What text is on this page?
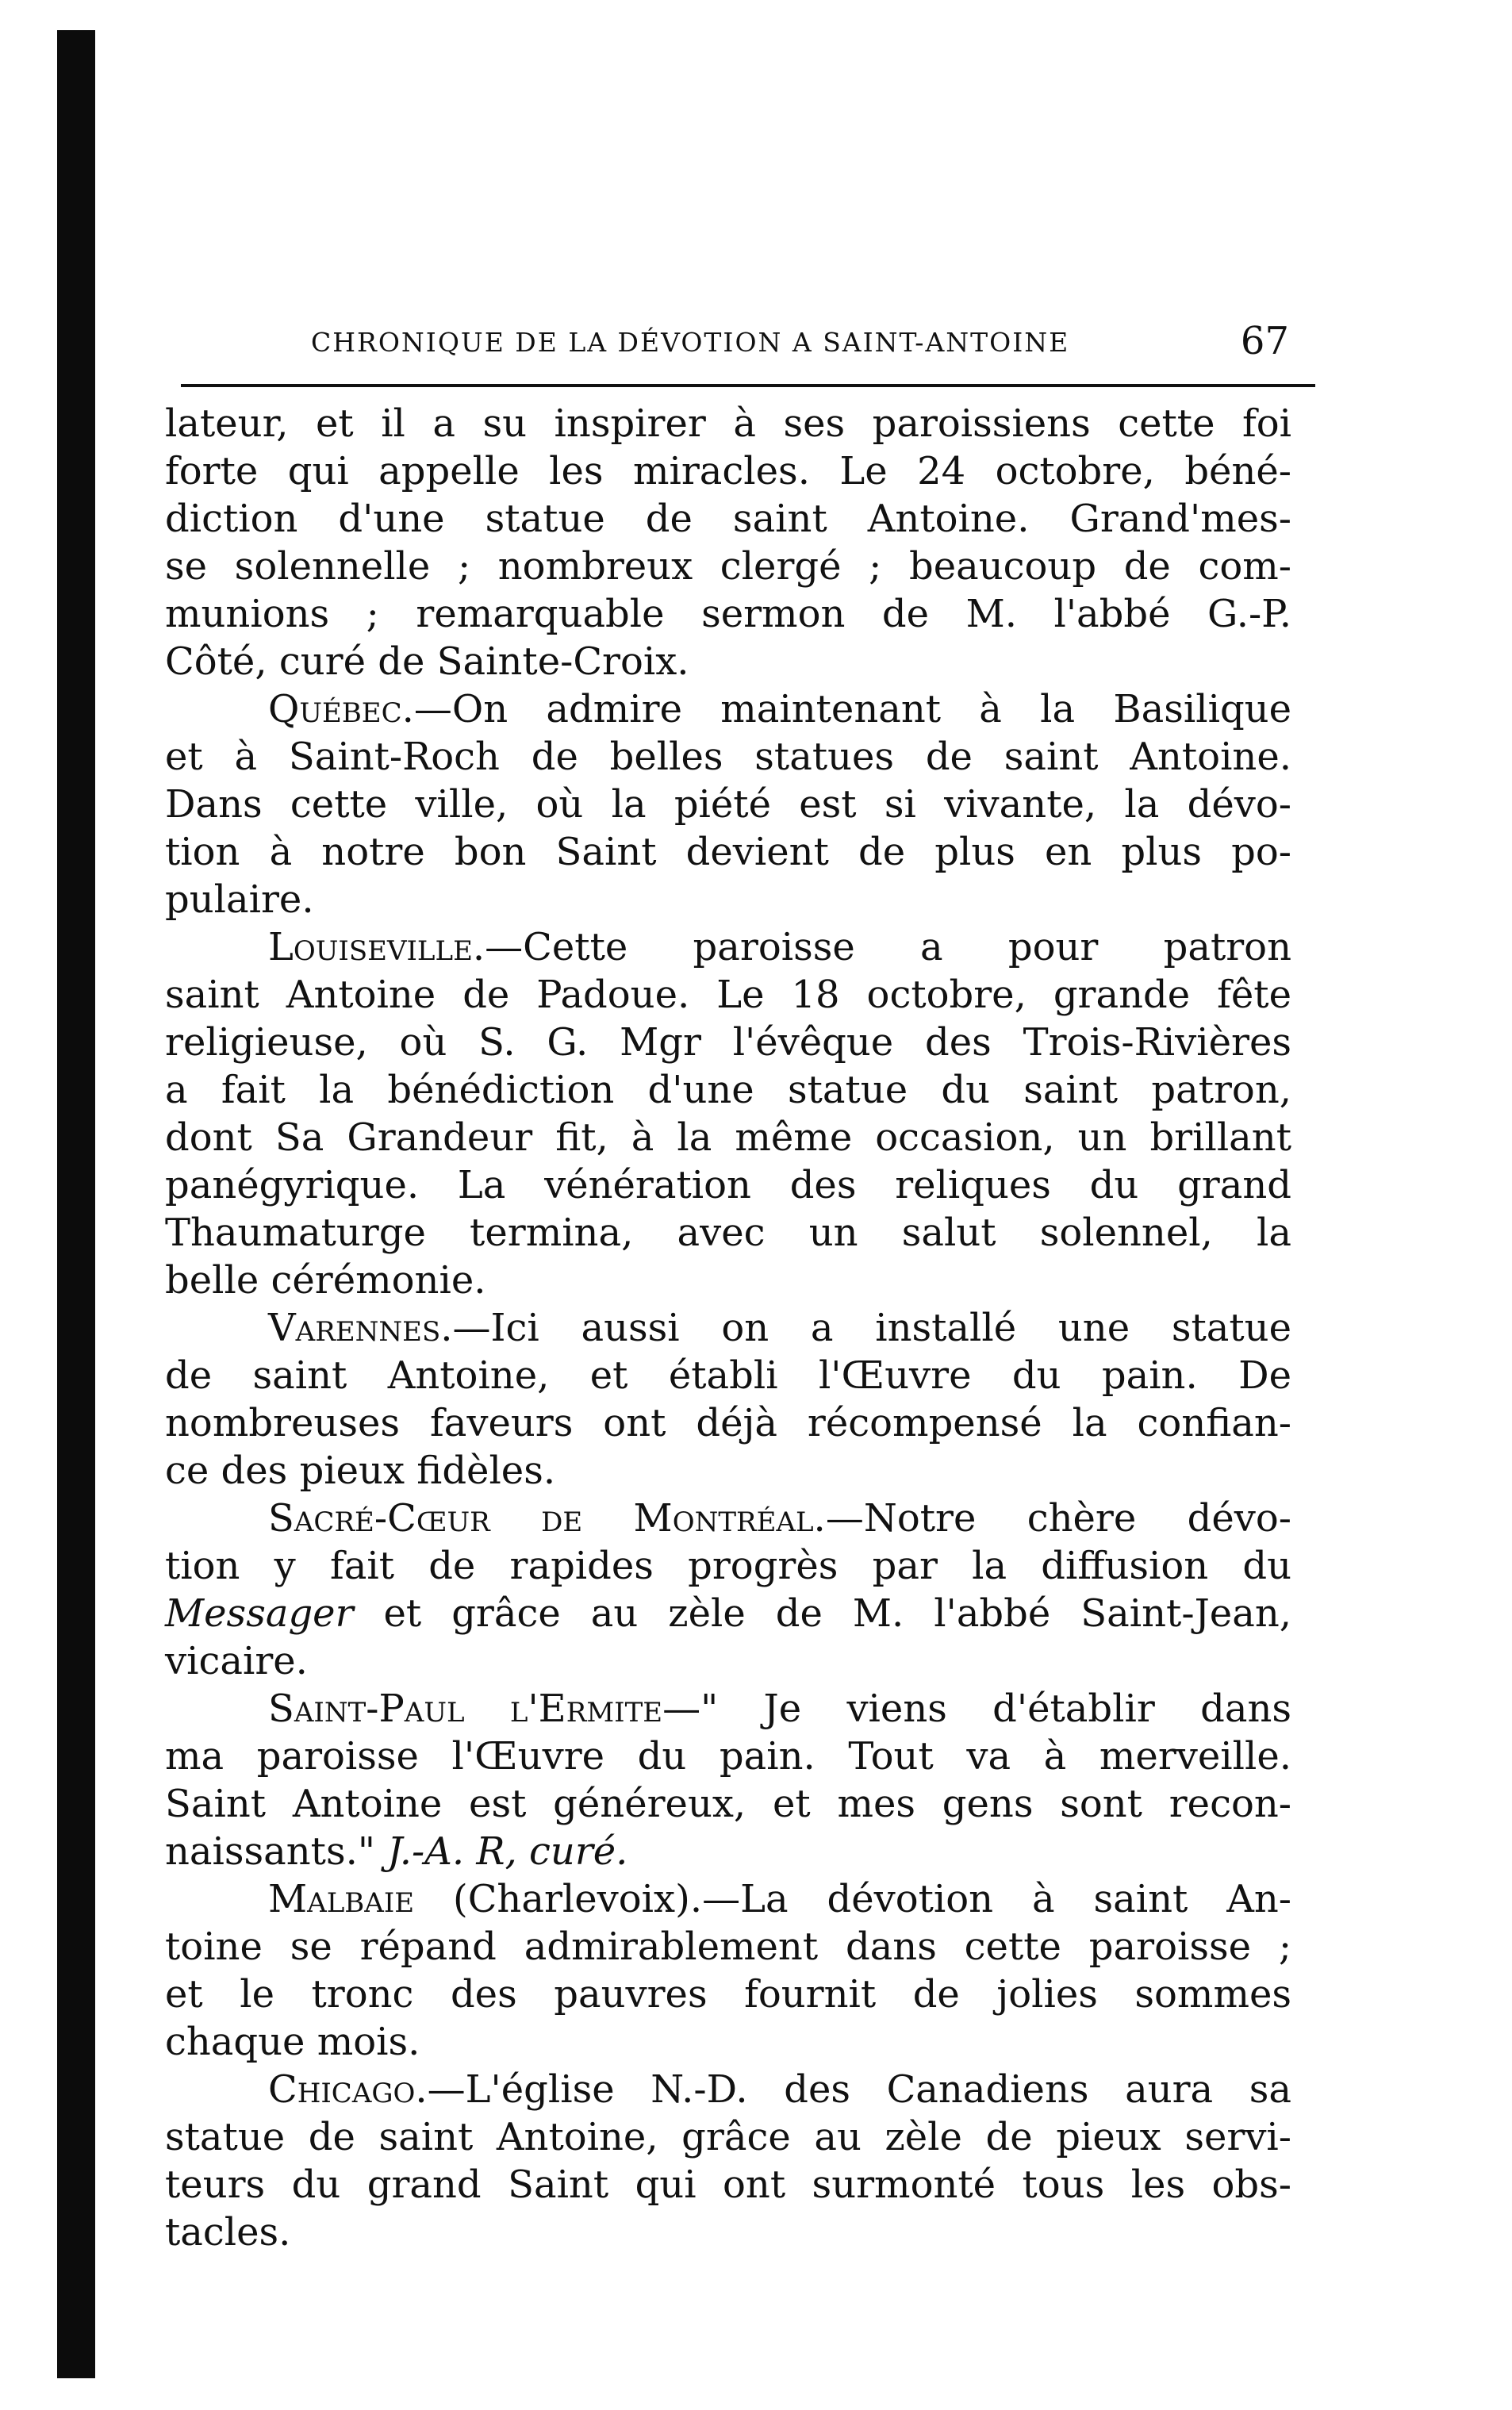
CHRONIQUE DE LA DÉVOTION A SAINT-ANTOINE	67
lateur, et il a su inspirer à ses paroissiens cette foi
forte qui appelle les miracles. Le 24 octobre, béné-
diction d'une statue de saint Antoine. Grand'mes-
se solennelle ; nombreux clergé ; beaucoup de com-
munions ; remarquable sermon de M. l'abbé G.-P.
Côté, curé de Sainte-Croix.
Québec.—On admire maintenant à la Basilique
et à Saint-Roch de belles statues de saint Antoine.
Dans cette ville, où la piété est si vivante, la dévo-
tion à notre bon Saint devient de plus en plus po-
pulaire.
Louiseville.—Cette paroisse a pour patron
saint Antoine de Padoue. Le 18 octobre, grande fête
religieuse, où S. G. Mgr l'évêque des Trois-Rivières
a fait la bénédiction d'une statue du saint patron,
dont Sa Grandeur fit, à la même occasion, un brillant
panégyrique. La vénération des reliques du grand
Thaumaturge termina, avec un salut solennel, la
belle cérémonie.
Varennes.—Ici aussi on a installé une statue
de saint Antoine, et établi l'Œuvre du pain. De
nombreuses faveurs ont déjà récompensé la confian-
ce des pieux fidèles.
Sacré-Cœur de Montréal.—Notre chère dévo-
tion y fait de rapides progrès par la diffusion du
Messager et grâce au zèle de M. l'abbé Saint-Jean,
vicaire.
Saint-Paul l'Ermite—" Je viens d'établir dans
ma paroisse l'Œuvre du pain. Tout va à merveille.
Saint Antoine est généreux, et mes gens sont recon-
naissants." J.-A. R, curé.
Malbaie (Charlevoix).—La dévotion à saint An-
toine se répand admirablement dans cette paroisse ;
et le tronc des pauvres fournit de jolies sommes
chaque mois.
Chicago.—L'église N.-D. des Canadiens aura sa
statue de saint Antoine, grâce au zèle de pieux servi-
teurs du grand Saint qui ont surmonté tous les obs-
tacles.
